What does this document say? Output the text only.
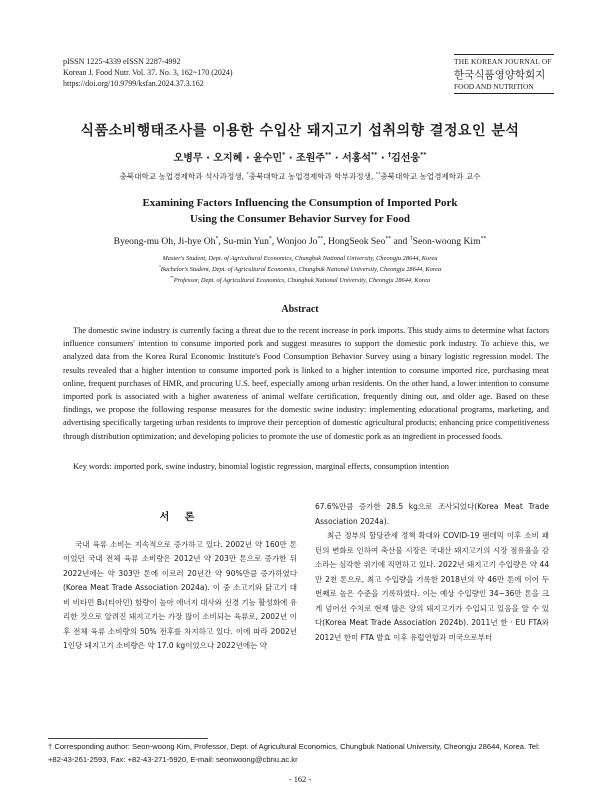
pISSN 1225-4339 eISSN 2287-4992
Korean J. Food Nutr. Vol. 37. No. 3, 162~170 (2024)
https://doi.org/10.9799/ksfan.2024.37.3.162
THE KOREAN JOURNAL OF
한국식품영양학회지
FOOD AND NUTRITION
식품소비행태조사를 이용한 수입산 돼지고기 섭취의향 결정요인 분석
오병무 · 오지혜 · 윤수민* · 조원주** · 서홍석** · †김선웅**
충북대학교 농업경제학과 석사과정생, *충북대학교 농업경제학과 학부과정생, **충북대학교 농업경제학과 교수
Examining Factors Influencing the Consumption of Imported Pork
Using the Consumer Behavior Survey for Food
Byeong-mu Oh, Ji-hye Oh*, Su-min Yun*, Wonjoo Jo**, HongSeok Seo** and †Seon-woong Kim**
Master's Student, Dept. of Agricultural Economics, Chungbuk National University, Cheongju 28644, Korea
*Bachelor's Student, Dept. of Agricultural Economics, Chungbuk National University, Cheongju 28644, Korea
**Professor, Dept. of Agricultural Economics, Chungbuk National University, Cheongju 28644, Korea
Abstract
The domestic swine industry is currently facing a threat due to the recent increase in pork imports. This study aims to determine what factors influence consumers' intention to consume imported pork and suggest measures to support the domestic pork industry. To achieve this, we analyzed data from the Korea Rural Economic Institute's Food Consumption Behavior Survey using a binary logistic regression model. The results revealed that a higher intention to consume imported pork is linked to a higher intention to consume imported rice, purchasing meat online, frequent purchases of HMR, and procuring U.S. beef, especially among urban residents. On the other hand, a lower intention to consume imported pork is associated with a higher awareness of animal welfare certification, frequently dining out, and older age. Based on these findings, we propose the following response measures for the domestic swine industry: implementing educational programs, marketing, and advertising specifically targeting urban residents to improve their perception of domestic agricultural products; enhancing price competitiveness through distribution optimization; and developing policies to promote the use of domestic pork as an ingredient in processed foods.
Key words: imported pork, swine industry, binomial logistic regression, marginal effects, consumption intention
서 론

국내 육류 소비는 지속적으로 증가하고 있다. 2002년 약 160만 톤이었던 국내 전체 육류 소비량은 2012년 약 203만 톤으로 증가한 뒤 2022년에는 약 303만 톤에 이르러 20년간 약 90%만큼 증가하였다(Korea Meat Trade Association 2024a). 이 중 소고기와 닭고기 대비 비타민 B₁(티아민) 함량이 높아 에너지 대사와 신경 기능 활성화에 유리한 것으로 알려진 돼지고기는 가장 많이 소비되는 육류로, 2002년 이후 전체 육류 소비량의 50% 전후를 차지하고 있다. 이에 따라 2002년 1인당 돼지고기 소비량은 약 17.0 kg이었으나 2022년에는 약

67.6%만큼 증가한 28.5 kg으로 조사되었다(Korea Meat Trade Association 2024a).

최근 정부의 할당관세 정책 확대와 COVID-19 팬데믹 이후 소비 패턴의 변화로 인하여 축산물 시장은 국내산 돼지고기의 시장 점유율을 감소라는 심각한 위기에 직면하고 있다. 2022년 돼지고기 수입량은 약 44만 2천 톤으로, 최고 수입량을 기록한 2018년의 약 46만 톤에 이어 두 번째로 높은 수준을 기록하였다. 이는 예상 수입량인 34~36만 톤을 크게 넘어선 수치로 현재 많은 양의 돼지고기가 수입되고 있음을 알 수 있다(Korea Meat Trade Association 2024b). 2011년 한 · EU FTA와 2012년 한미 FTA 발효 이후 유럽연합과 미국으로부터

† Corresponding author: Seon-woong Kim, Professor, Dept. of Agricultural Economics, Chungbuk National University, Cheongju 28644, Korea. Tel: +82-43-261-2593, Fax: +82-43-271-5920, E-mail: seonwoong@cbnu.ac.kr
- 162 -
